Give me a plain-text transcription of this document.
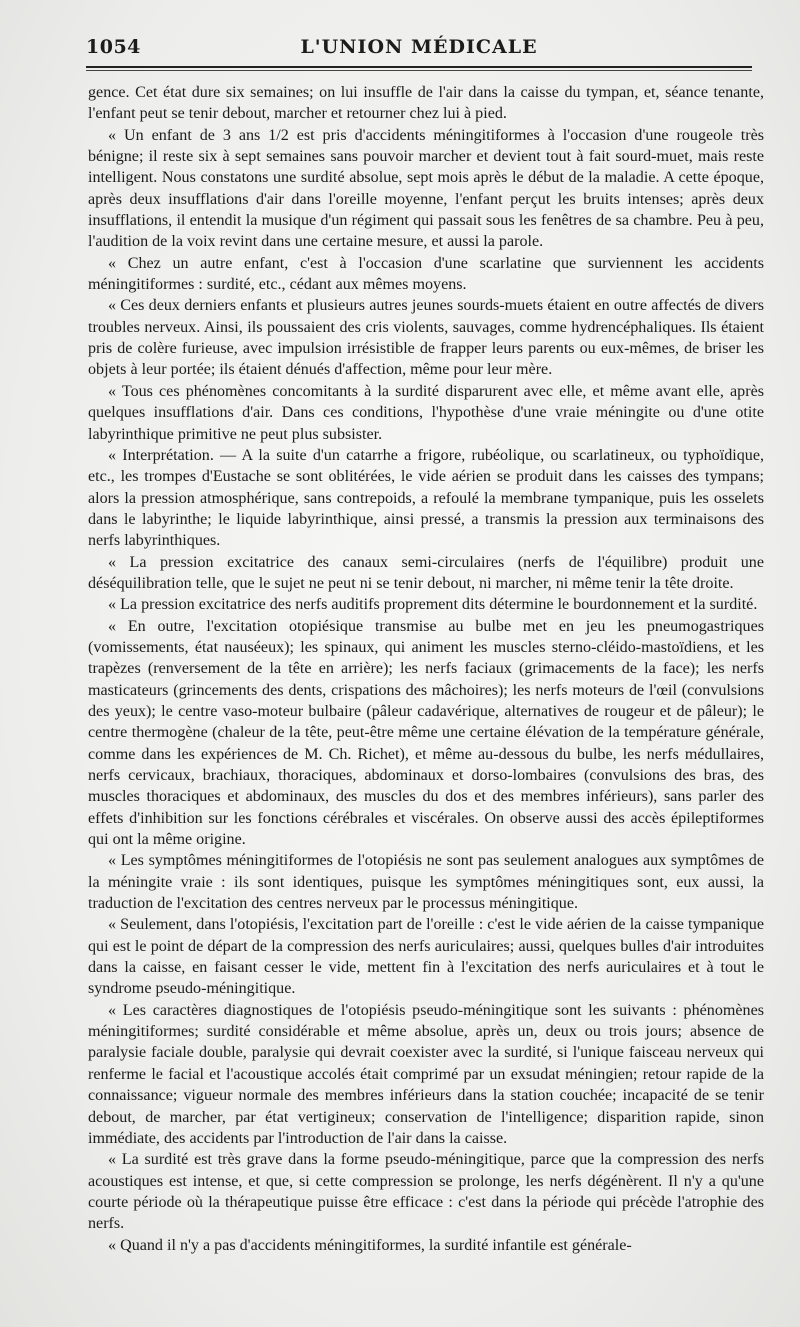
1054	L'UNION MÉDICALE

gence. Cet état dure six semaines; on lui insuffle de l'air dans la caisse du tympan, et, séance tenante, l'enfant peut se tenir debout, marcher et retourner chez lui à pied.

« Un enfant de 3 ans 1/2 est pris d'accidents méningitiformes à l'occasion d'une rougeole très bénigne; il reste six à sept semaines sans pouvoir marcher et devient tout à fait sourd-muet, mais reste intelligent. Nous constatons une surdité absolue, sept mois après le début de la maladie. A cette époque, après deux insufflations d'air dans l'oreille moyenne, l'enfant perçut les bruits intenses; après deux insufflations, il entendit la musique d'un régiment qui passait sous les fenêtres de sa chambre. Peu à peu, l'audition de la voix revint dans une certaine mesure, et aussi la parole.

« Chez un autre enfant, c'est à l'occasion d'une scarlatine que surviennent les accidents méningitiformes : surdité, etc., cédant aux mêmes moyens.

« Ces deux derniers enfants et plusieurs autres jeunes sourds-muets étaient en outre affectés de divers troubles nerveux. Ainsi, ils poussaient des cris violents, sauvages, comme hydrencéphaliques. Ils étaient pris de colère furieuse, avec impulsion irrésistible de frapper leurs parents ou eux-mêmes, de briser les objets à leur portée; ils étaient dénués d'affection, même pour leur mère.

« Tous ces phénomènes concomitants à la surdité disparurent avec elle, et même avant elle, après quelques insufflations d'air. Dans ces conditions, l'hypothèse d'une vraie méningite ou d'une otite labyrinthique primitive ne peut plus subsister.

« Interprétation. — A la suite d'un catarrhe a frigore, rubéolique, ou scarlatineux, ou typhoïdique, etc., les trompes d'Eustache se sont oblitérées, le vide aérien se produit dans les caisses des tympans; alors la pression atmosphérique, sans contrepoids, a refoulé la membrane tympanique, puis les osselets dans le labyrinthe; le liquide labyrinthique, ainsi pressé, a transmis la pression aux terminaisons des nerfs labyrinthiques.

« La pression excitatrice des canaux semi-circulaires (nerfs de l'équilibre) produit une déséquilibration telle, que le sujet ne peut ni se tenir debout, ni marcher, ni même tenir la tête droite.

« La pression excitatrice des nerfs auditifs proprement dits détermine le bourdonnement et la surdité.

« En outre, l'excitation otopiésique transmise au bulbe met en jeu les pneumogastriques (vomissements, état nauséeux); les spinaux, qui animent les muscles sterno-cléido-mastoïdiens, et les trapèzes (renversement de la tête en arrière); les nerfs faciaux (grimacements de la face); les nerfs masticateurs (grincements des dents, crispations des mâchoires); les nerfs moteurs de l'œil (convulsions des yeux); le centre vaso-moteur bulbaire (pâleur cadavérique, alternatives de rougeur et de pâleur); le centre thermogène (chaleur de la tête, peut-être même une certaine élévation de la température générale, comme dans les expériences de M. Ch. Richet), et même au-dessous du bulbe, les nerfs médullaires, nerfs cervicaux, brachiaux, thoraciques, abdominaux et dorso-lombaires (convulsions des bras, des muscles thoraciques et abdominaux, des muscles du dos et des membres inférieurs), sans parler des effets d'inhibition sur les fonctions cérébrales et viscérales. On observe aussi des accès épileptiformes qui ont la même origine.

« Les symptômes méningitiformes de l'otopiésis ne sont pas seulement analogues aux symptômes de la méningite vraie : ils sont identiques, puisque les symptômes méningitiques sont, eux aussi, la traduction de l'excitation des centres nerveux par le processus méningitique.

« Seulement, dans l'otopiésis, l'excitation part de l'oreille : c'est le vide aérien de la caisse tympanique qui est le point de départ de la compression des nerfs auriculaires; aussi, quelques bulles d'air introduites dans la caisse, en faisant cesser le vide, mettent fin à l'excitation des nerfs auriculaires et à tout le syndrome pseudo-méningitique.

« Les caractères diagnostiques de l'otopiésis pseudo-méningitique sont les suivants : phénomènes méningitiformes; surdité considérable et même absolue, après un, deux ou trois jours; absence de paralysie faciale double, paralysie qui devrait coexister avec la surdité, si l'unique faisceau nerveux qui renferme le facial et l'acoustique accolés était comprimé par un exsudat méningien; retour rapide de la connaissance; vigueur normale des membres inférieurs dans la station couchée; incapacité de se tenir debout, de marcher, par état vertigineux; conservation de l'intelligence; disparition rapide, sinon immédiate, des accidents par l'introduction de l'air dans la caisse.

« La surdité est très grave dans la forme pseudo-méningitique, parce que la compression des nerfs acoustiques est intense, et que, si cette compression se prolonge, les nerfs dégénèrent. Il n'y a qu'une courte période où la thérapeutique puisse être efficace : c'est dans la période qui précède l'atrophie des nerfs.

« Quand il n'y a pas d'accidents méningitiformes, la surdité infantile est générale-
